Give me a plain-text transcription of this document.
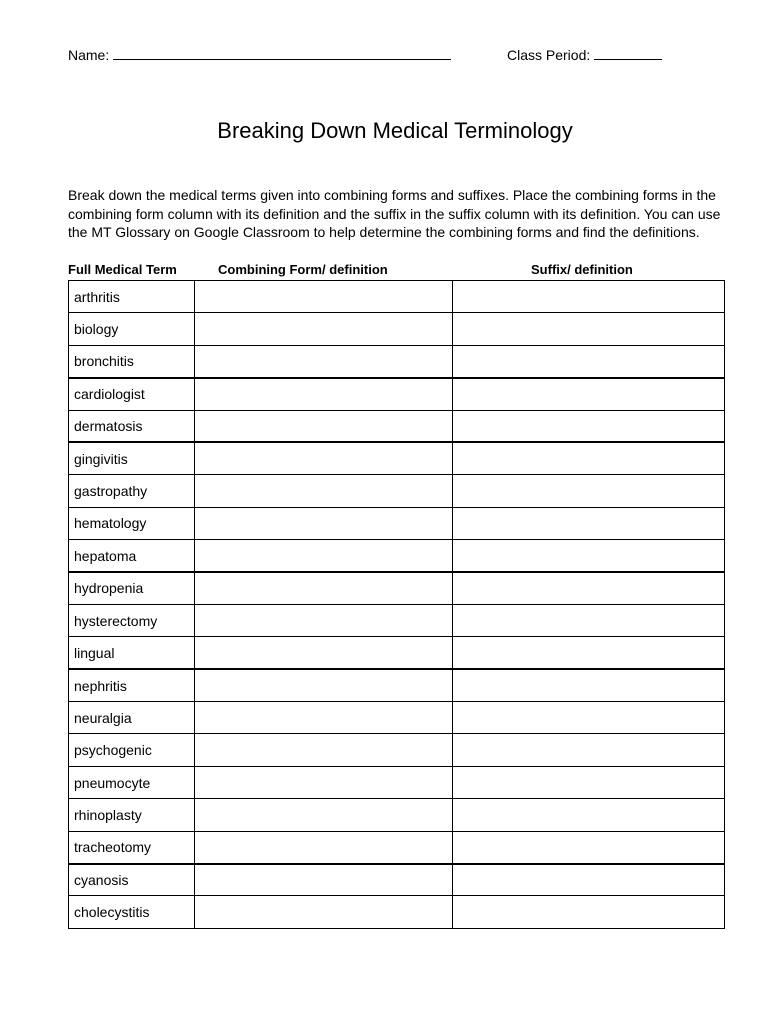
Name:	Class Period:
Breaking Down Medical Terminology
Break down the medical terms given into combining forms and suffixes. Place the combining forms in the combining form column with its definition and the suffix in the suffix column with its definition. You can use the MT Glossary on Google Classroom to help determine the combining forms and find the definitions.
Full Medical Term	Combining Form/ definition	Suffix/ definition
arthritis		
biology		
bronchitis		
cardiologist		
dermatosis		
gingivitis		
gastropathy		
hematology		
hepatoma		
hydropenia		
hysterectomy		
lingual		
nephritis		
neuralgia		
psychogenic		
pneumocyte		
rhinoplasty		
tracheotomy		
cyanosis		
cholecystitis		
